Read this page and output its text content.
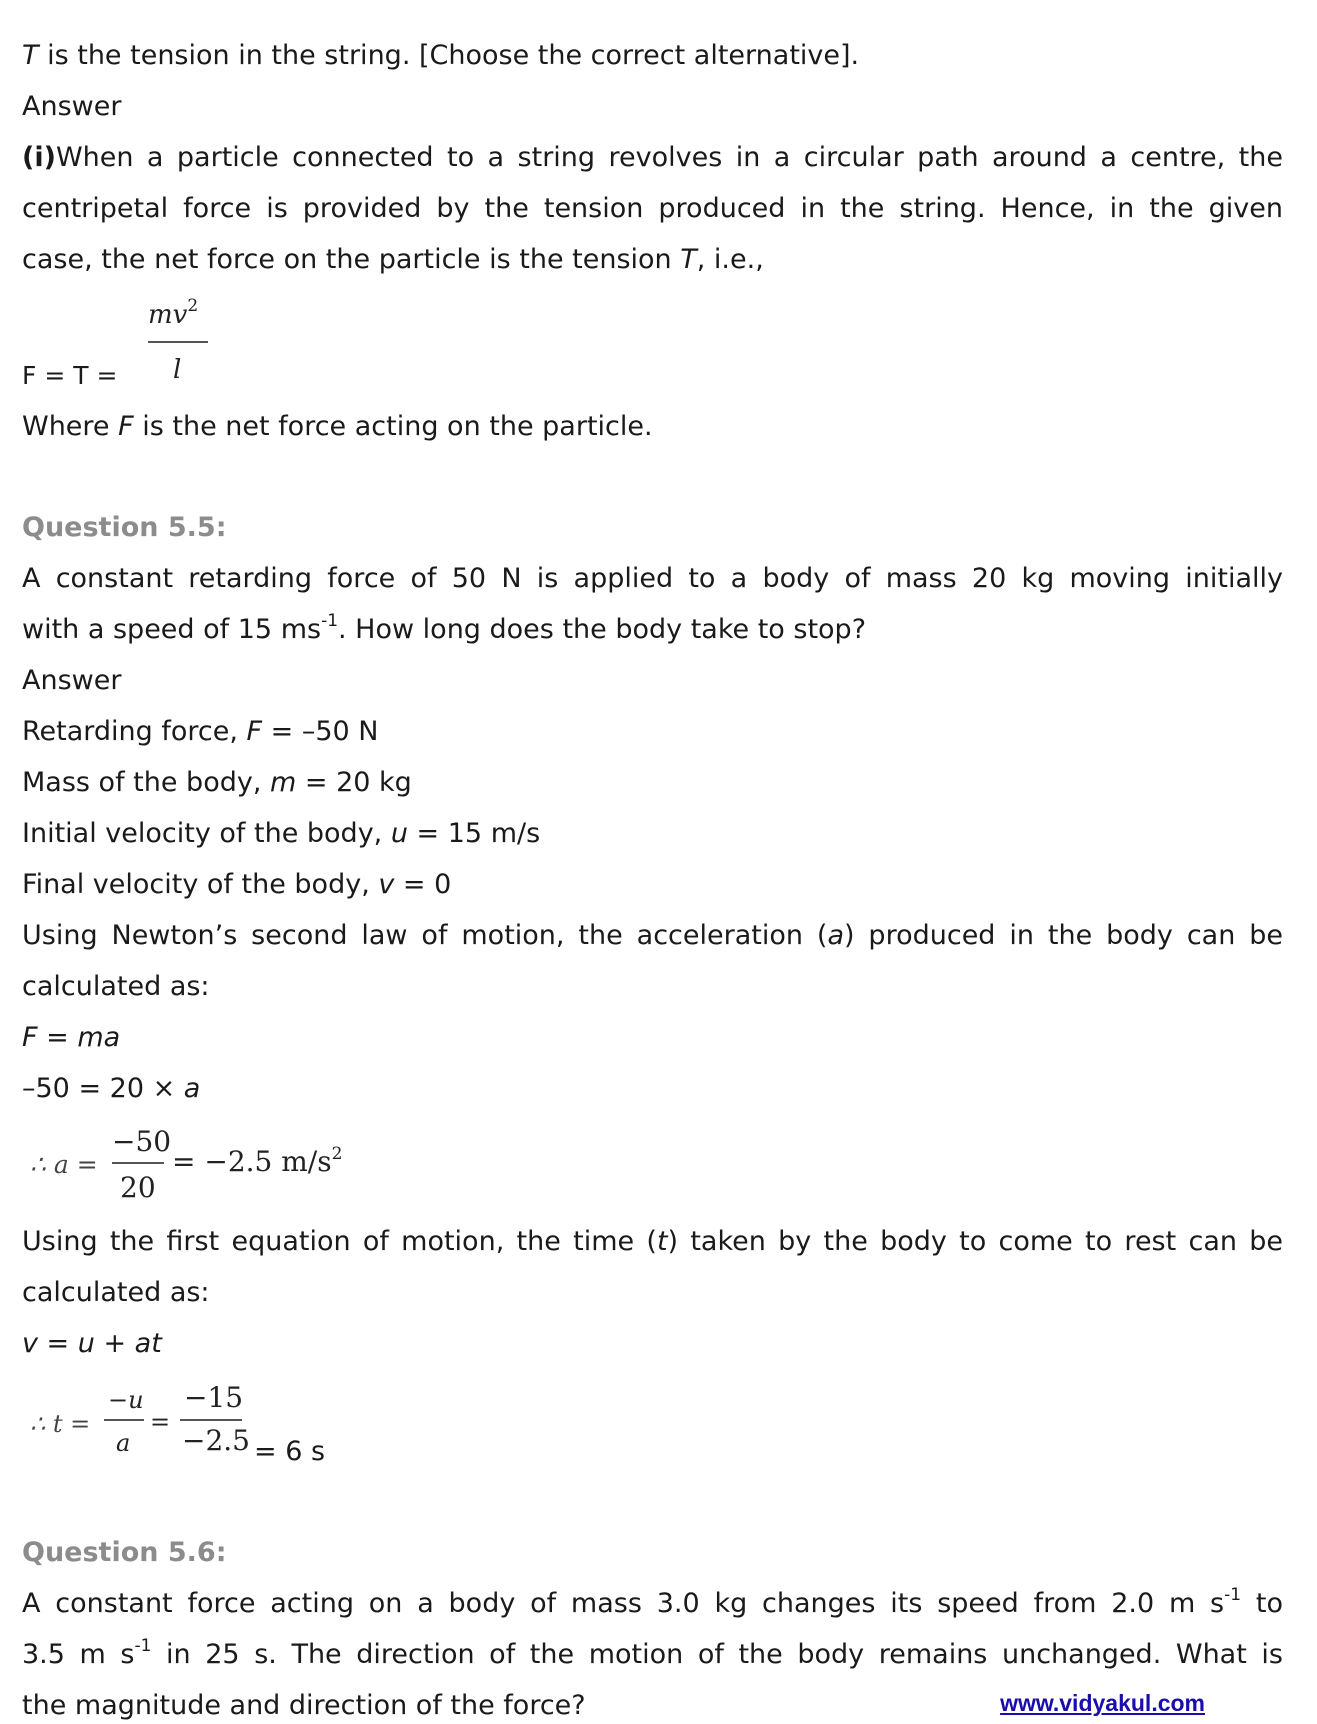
T is the tension in the string. [Choose the correct alternative].
Answer
(i)When a particle connected to a string revolves in a circular path around a centre, the
centripetal force is provided by the tension produced in the string. Hence, in the given
case, the net force on the particle is the tension T, i.e.,
F = T =
$mv^2$
l
Where F is the net force acting on the particle.
Question 5.5:
A constant retarding force of 50 N is applied to a body of mass 20 kg moving initially
with a speed of 15 $ms^{-1}$. How long does the body take to stop?
Answer
Retarding force, F = –50 N
Mass of the body, m = 20 kg
Initial velocity of the body, u = 15 m/s
Final velocity of the body, v = 0
Using Newton’s second law of motion, the acceleration (a) produced in the body can be
calculated as:
F = ma
–50 = 20 × a
∴ a =
−50
20
= −2.5 $m/s^2$
Using the first equation of motion, the time (t) taken by the body to come to rest can be
calculated as:
v = u + at
∴ t =
−u
a
=
−15
−2.5 = 6 s
Question 5.6:
A constant force acting on a body of mass 3.0 kg changes its speed from 2.0 m $s^{-1}$ to
3.5 m $s^{-1}$ in 25 s. The direction of the motion of the body remains unchanged. What is
the magnitude and direction of the force?	www.vidyakul.com
